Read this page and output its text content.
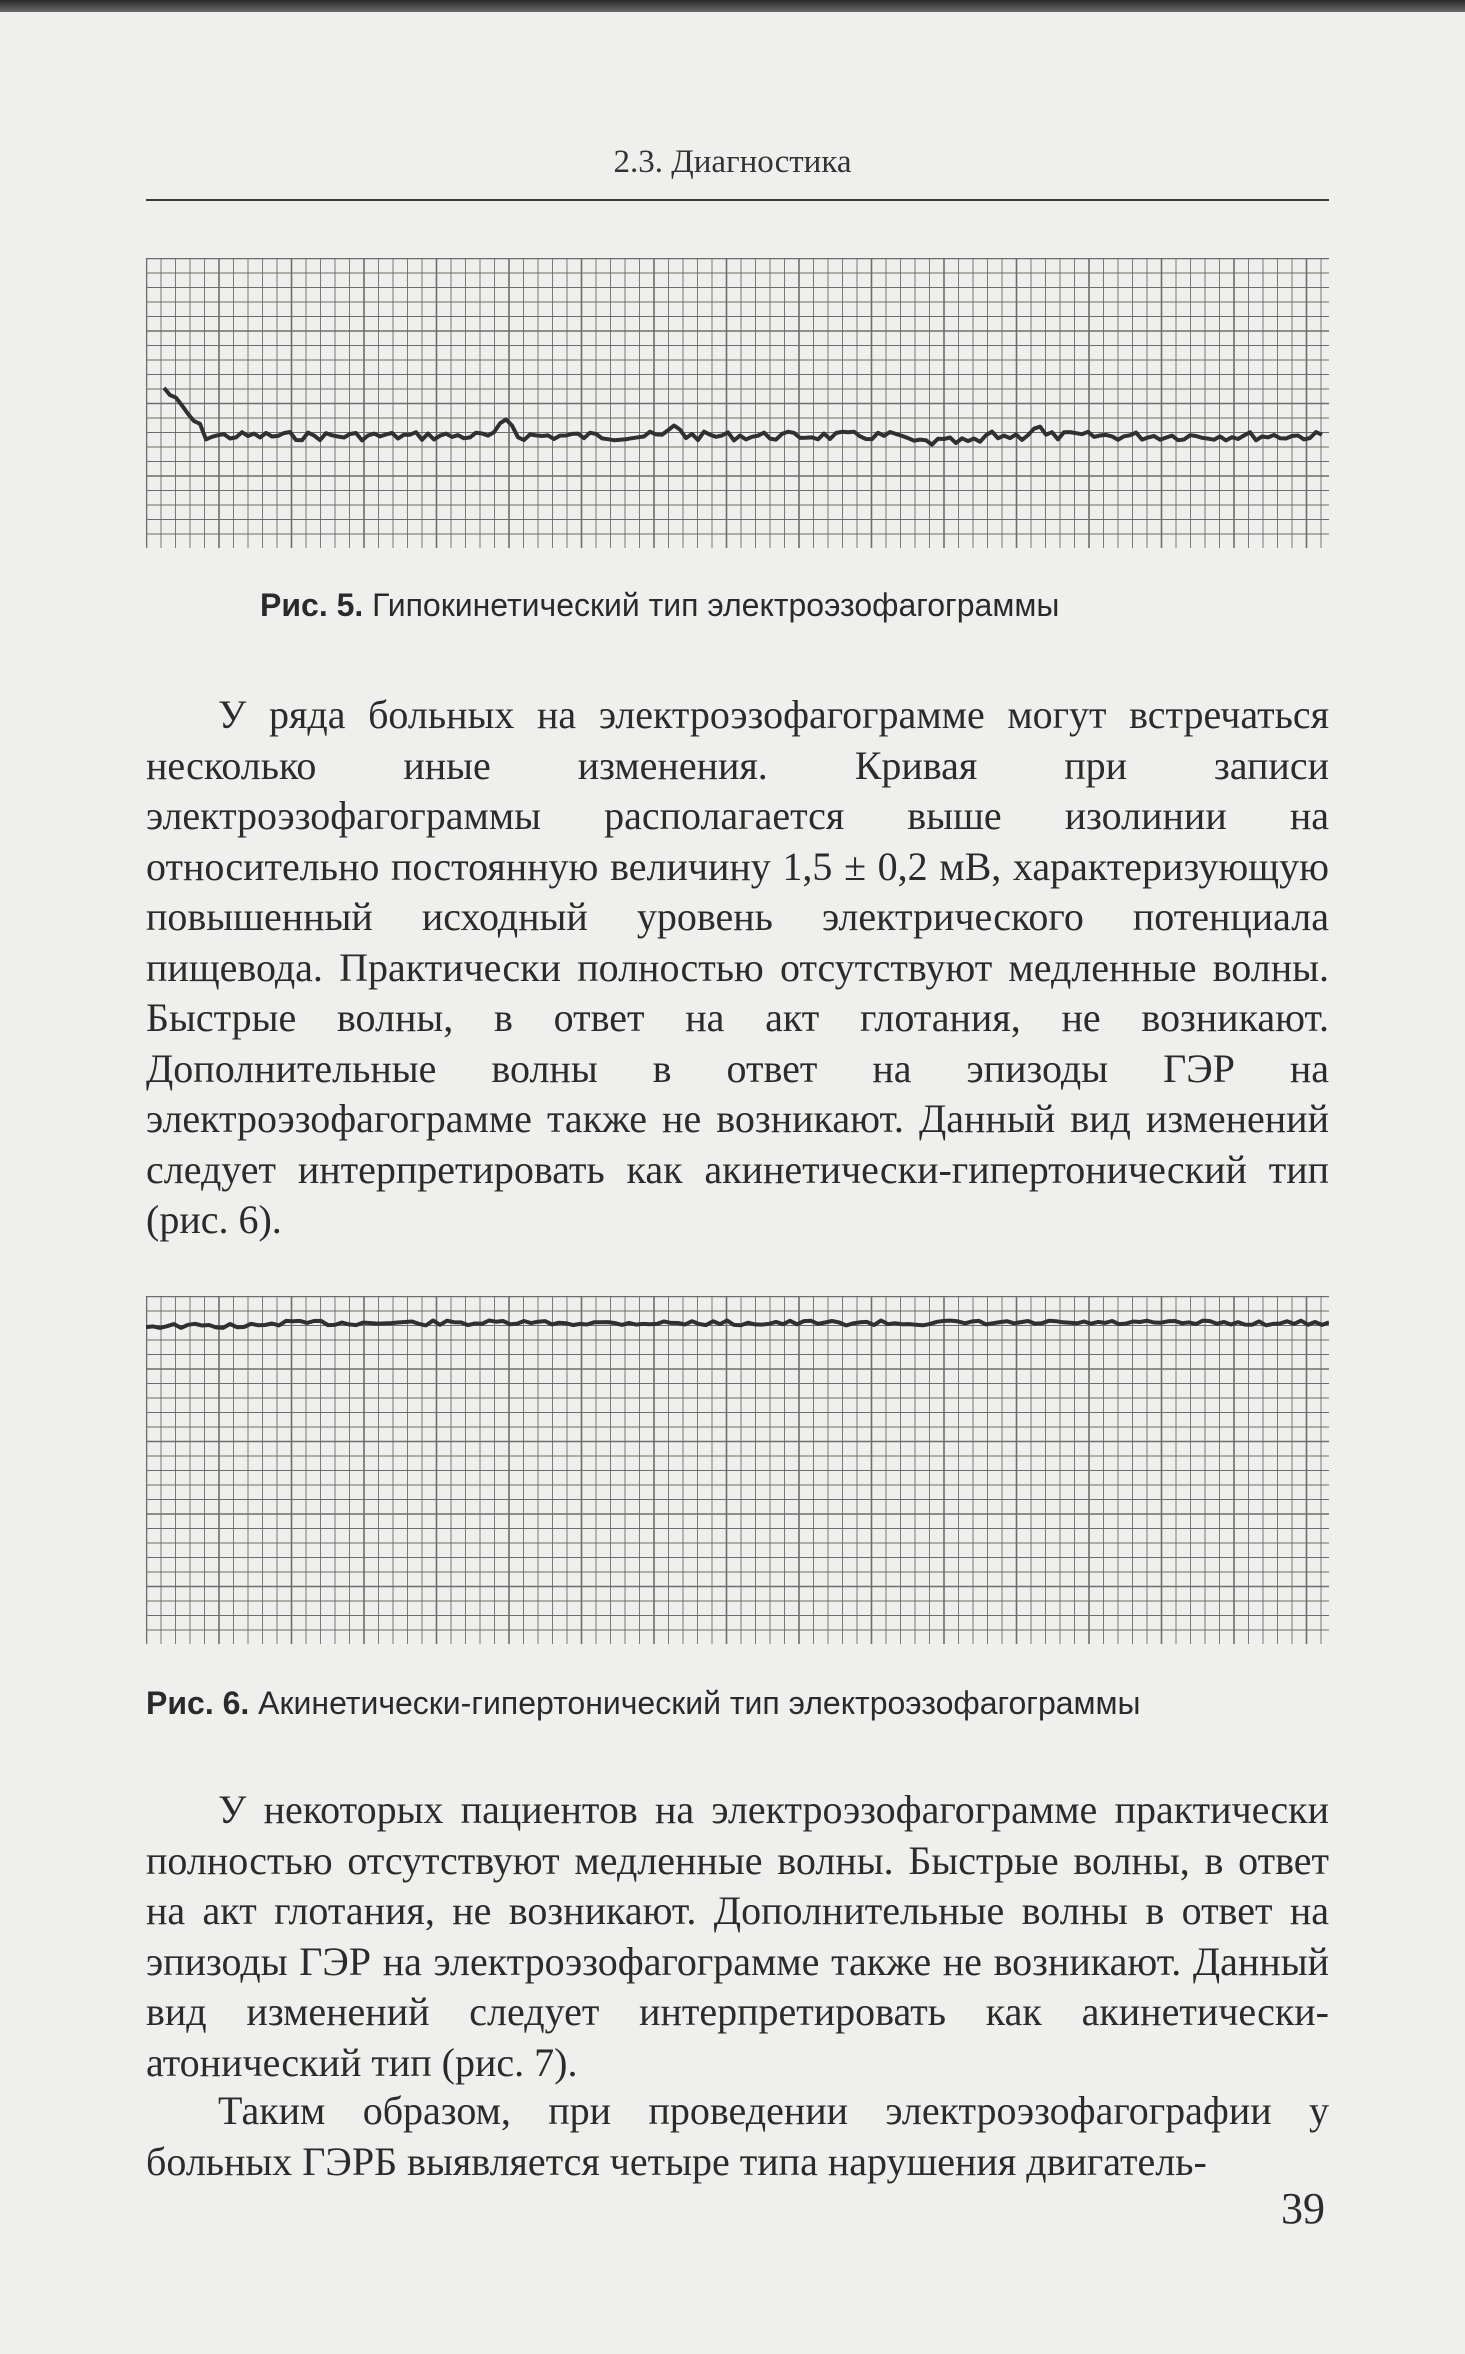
2.3. Диагностика
Рис. 5. Гипокинетический тип электроэзофагограммы

У ряда больных на электроэзофагограмме могут встречаться несколько иные изменения. Кривая при записи электроэзофагограммы располагается выше изолинии на относительно постоянную величину 1,5 ± 0,2 мВ, характеризующую повышенный исходный уровень электрического потенциала пищевода. Практически полностью отсутствуют медленные волны. Быстрые волны, в ответ на акт глотания, не возникают. Дополнительные волны в ответ на эпизоды ГЭР на электроэзофагограмме также не возникают. Данный вид изменений следует интерпретировать как акинетически-гипертонический тип (рис. 6).

Рис. 6. Акинетически-гипертонический тип электроэзофагограммы

У некоторых пациентов на электроэзофагограмме практически полностью отсутствуют медленные волны. Быстрые волны, в ответ на акт глотания, не возникают. Дополнительные волны в ответ на эпизоды ГЭР на электроэзофагограмме также не возникают. Данный вид изменений следует интерпретировать как акинетически-атонический тип (рис. 7).

Таким образом, при проведении электроэзофагографии у больных ГЭРБ выявляется четыре типа нарушения двигатель-

39
